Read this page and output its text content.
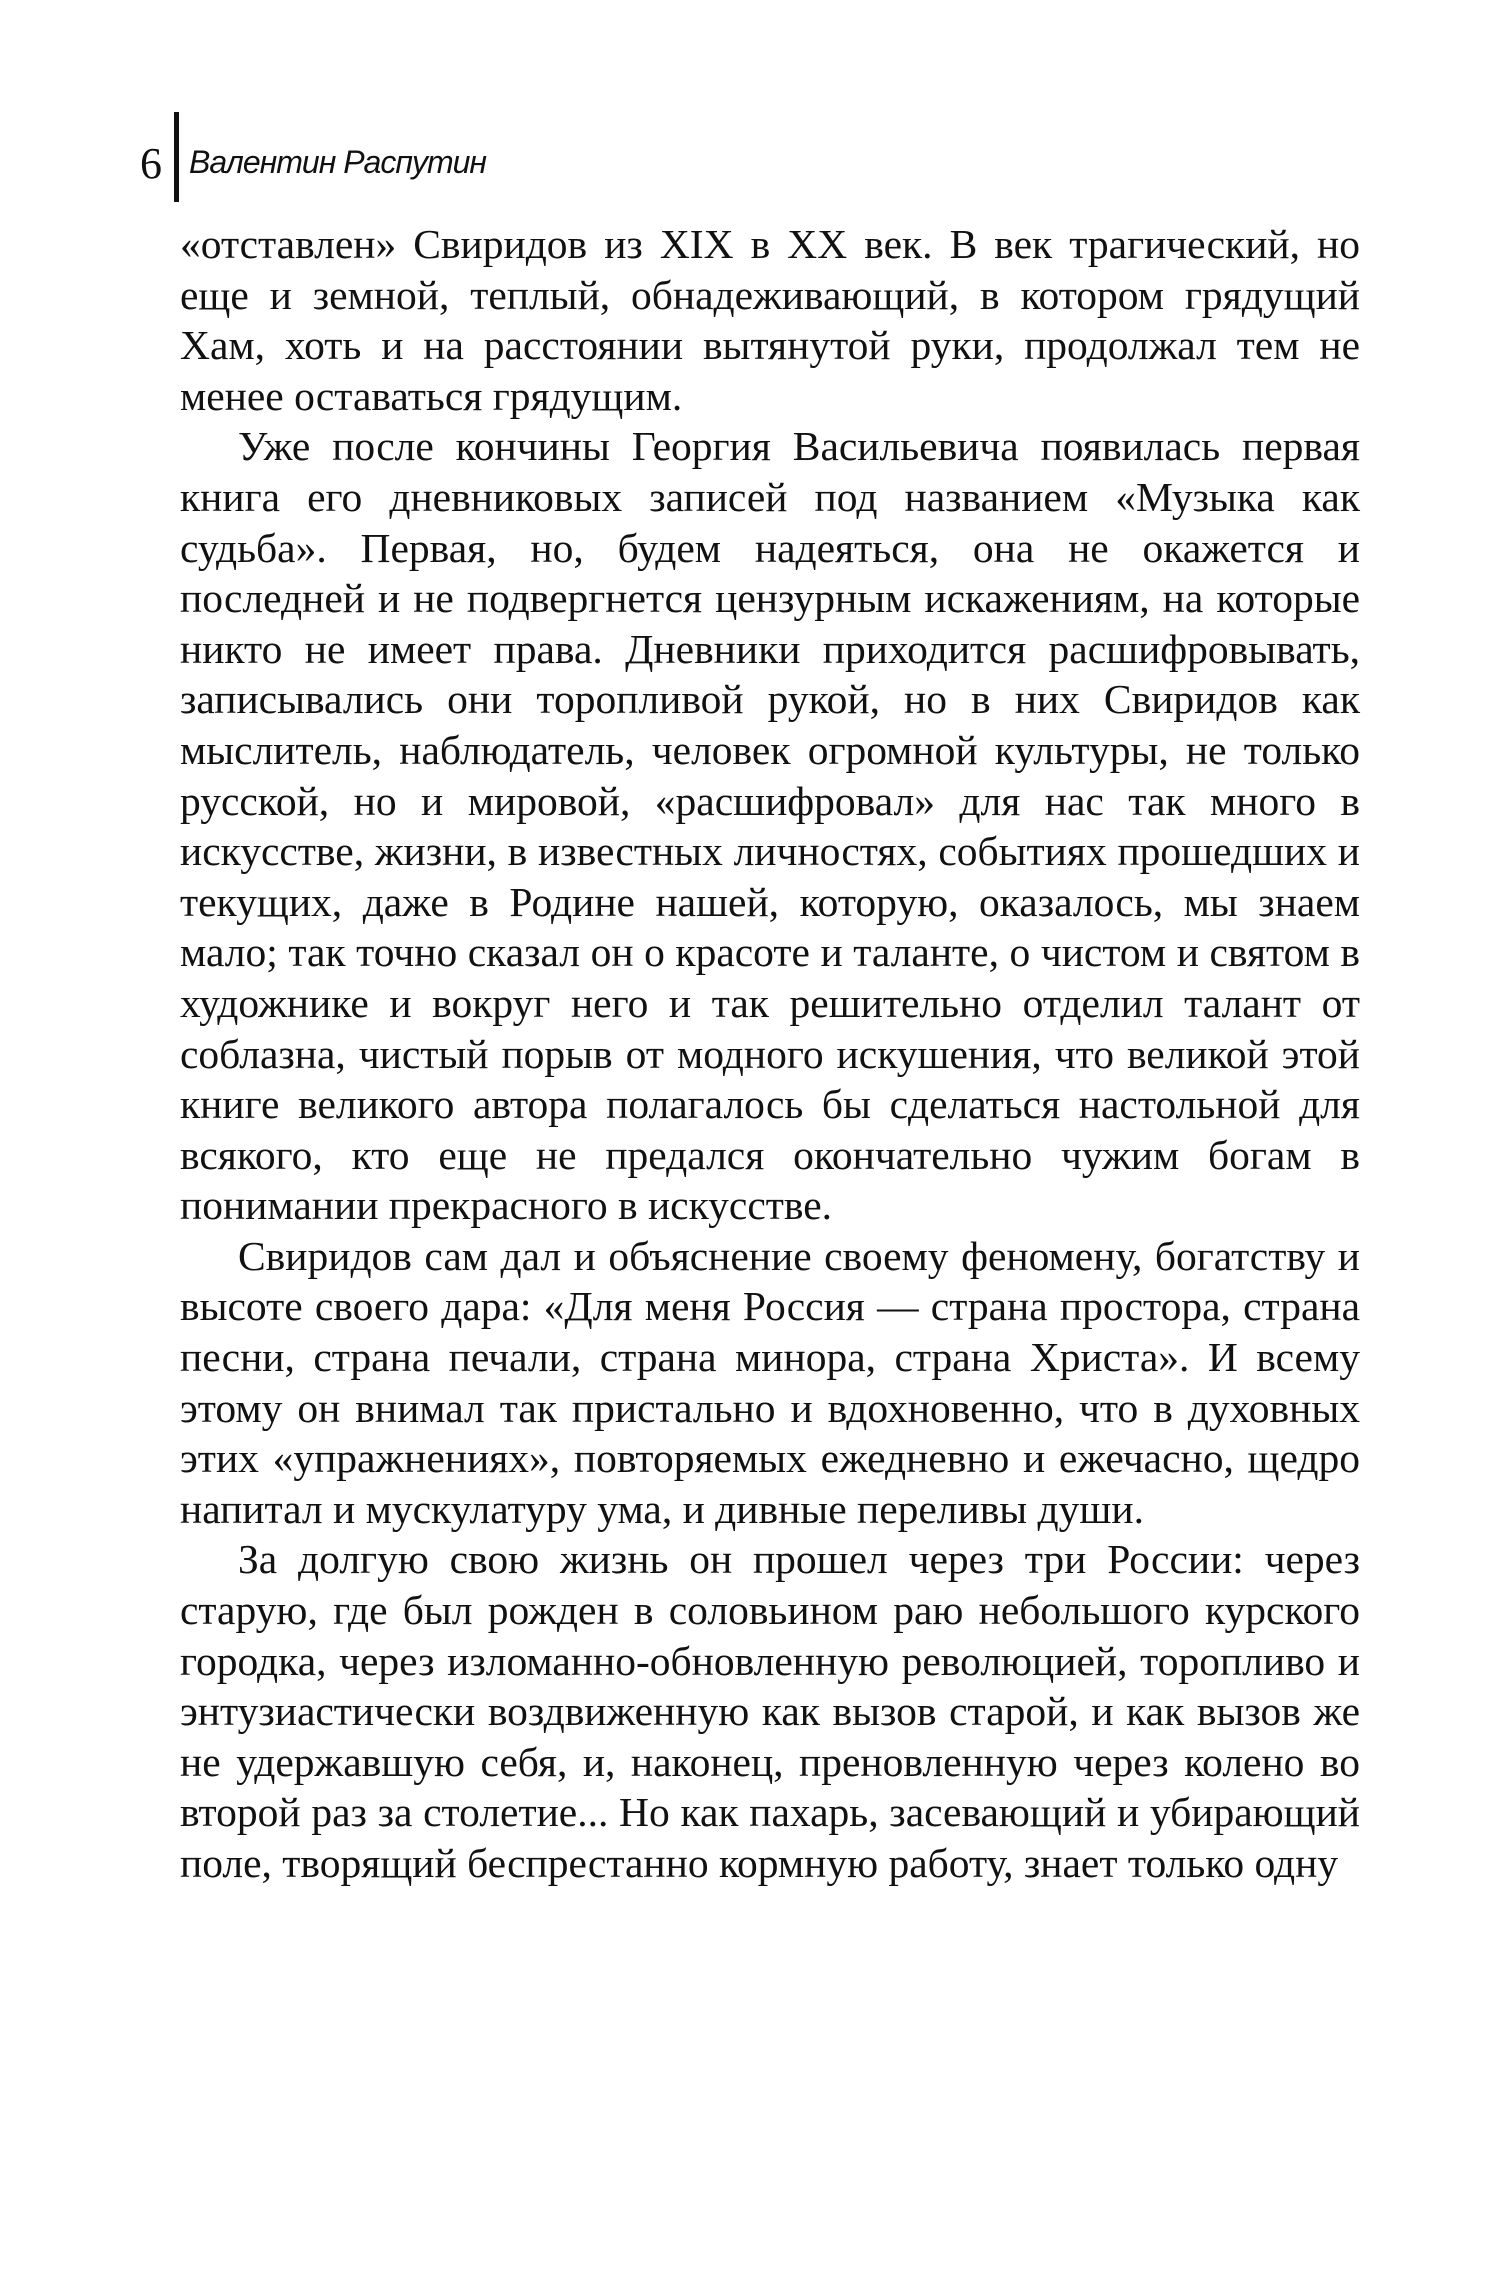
6 Валентин Распутин

«отставлен» Свиридов из XIX в XX век. В век трагический, но еще и земной, теплый, обнадеживающий, в котором грядущий Хам, хоть и на расстоянии вытянутой руки, продолжал тем не менее оставаться грядущим.

Уже после кончины Георгия Васильевича появилась первая книга его дневниковых записей под названием «Музыка как судьба». Первая, но, будем надеяться, она не окажется и последней и не подвергнется цензурным искажениям, на которые никто не имеет права. Дневники приходится расшифровывать, записывались они торопливой рукой, но в них Свиридов как мыслитель, наблюдатель, человек огромной культуры, не только русской, но и мировой, «расшифровал» для нас так много в искусстве, жизни, в известных личностях, событиях прошедших и текущих, даже в Родине нашей, которую, оказалось, мы знаем мало; так точно сказал он о красоте и таланте, о чистом и святом в художнике и вокруг него и так решительно отделил талант от соблазна, чистый порыв от модного искушения, что великой этой книге великого автора полагалось бы сделаться настольной для всякого, кто еще не предался окончательно чужим богам в понимании прекрасного в искусстве.

Свиридов сам дал и объяснение своему феномену, богатству и высоте своего дара: «Для меня Россия — страна простора, страна песни, страна печали, страна минора, страна Христа». И всему этому он внимал так пристально и вдохновенно, что в духовных этих «упражнениях», повторяемых ежедневно и ежечасно, щедро напитал и мускулатуру ума, и дивные переливы души.

За долгую свою жизнь он прошел через три России: через старую, где был рожден в соловьином раю небольшого курского городка, через изломанно-обновленную революцией, торопливо и энтузиастически воздвиженную как вызов старой, и как вызов же не удержавшую себя, и, наконец, преновленную через колено во второй раз за столетие... Но как пахарь, засевающий и убирающий поле, творящий беспрестанно кормную работу, знает только одну
